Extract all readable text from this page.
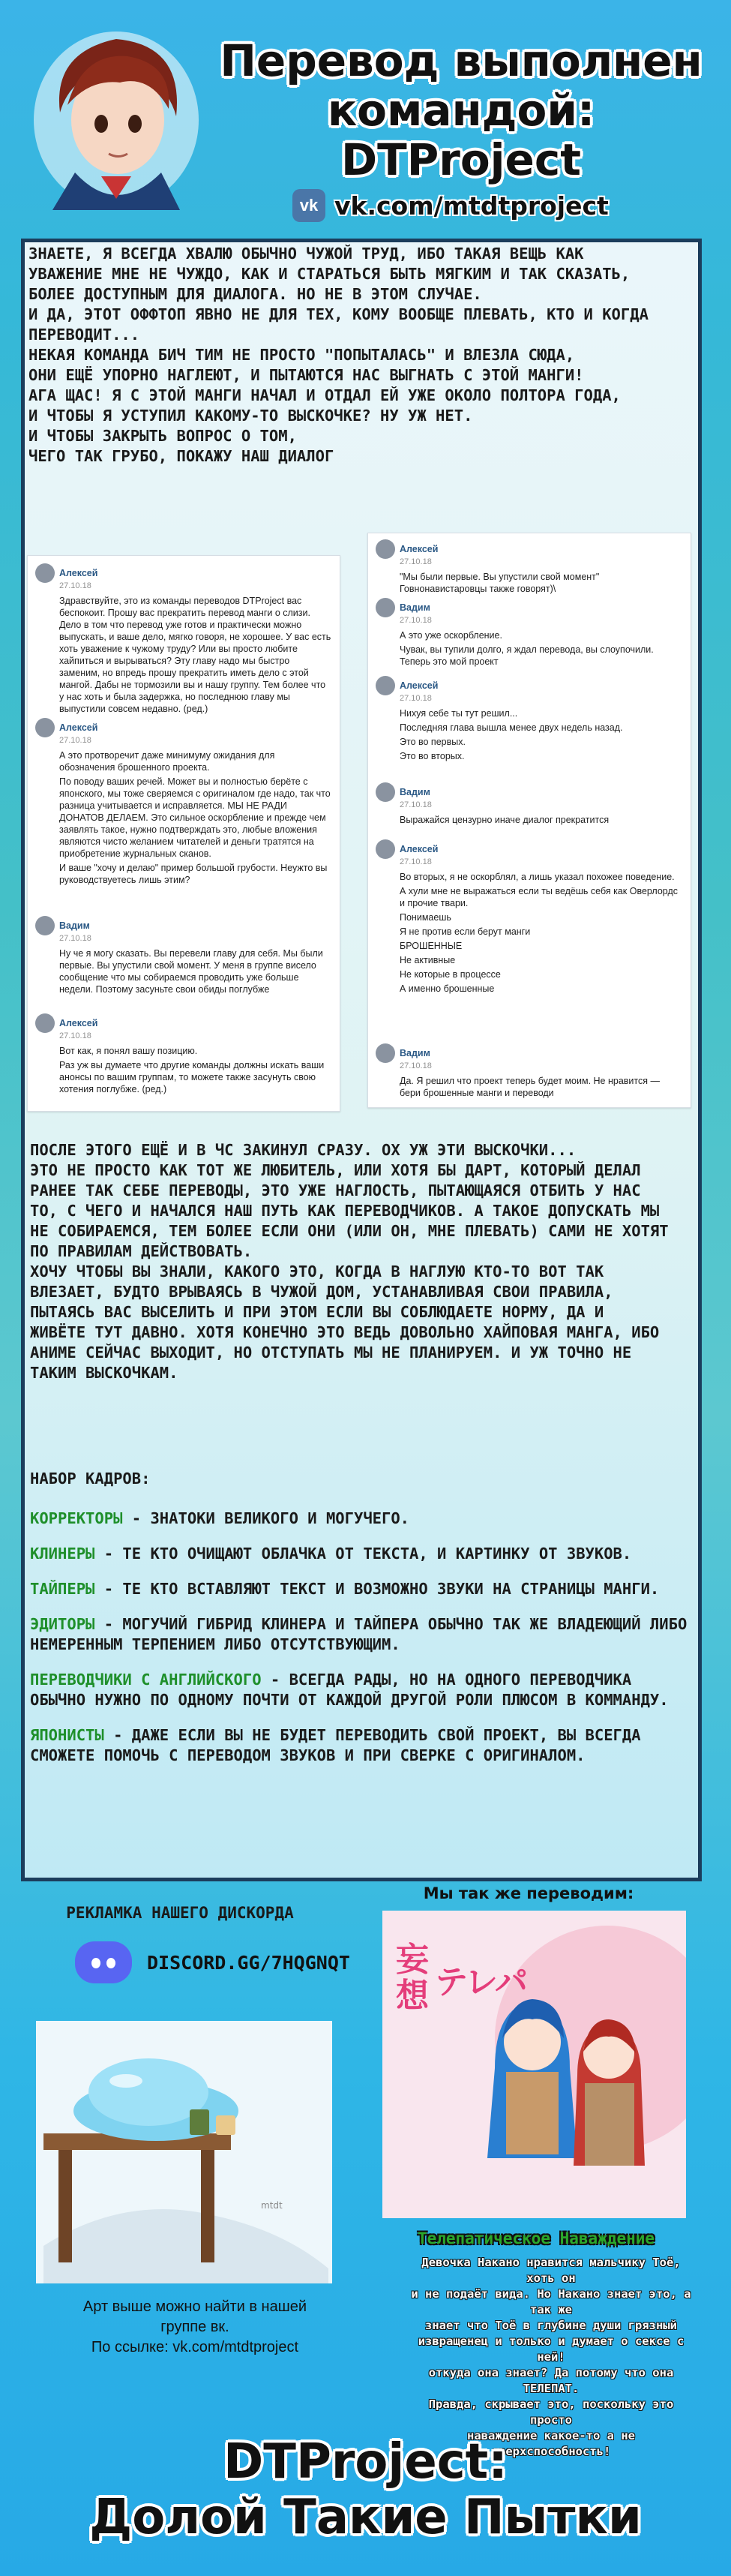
Перевод выполнен
командой:
DTProject
vk vk.com/mtdtproject

ЗНАЕТЕ, Я ВСЕГДА ХВАЛЮ ОБЫЧНО ЧУЖОЙ ТРУД, ИБО ТАКАЯ ВЕЩЬ КАК

УВАЖЕНИЕ МНЕ НЕ ЧУЖДО, КАК И СТАРАТЬСЯ БЫТЬ МЯГКИМ И ТАК СКАЗАТЬ,

БОЛЕЕ ДОСТУПНЫМ ДЛЯ ДИАЛОГА. НО НЕ В ЭТОМ СЛУЧАЕ.

И ДА, ЭТОТ ОФФТОП ЯВНО НЕ ДЛЯ ТЕХ, КОМУ ВООБЩЕ ПЛЕВАТЬ, КТО И КОГДА

ПЕРЕВОДИТ...

НЕКАЯ КОМАНДА БИЧ ТИМ НЕ ПРОСТО "ПОПЫТАЛАСЬ" И ВЛЕЗЛА СЮДА,

ОНИ ЕЩЁ УПОРНО НАГЛЕЮТ, И ПЫТАЮТСЯ НАС ВЫГНАТЬ С ЭТОЙ МАНГИ!

АГА ЩАС! Я С ЭТОЙ МАНГИ НАЧАЛ И ОТДАЛ ЕЙ УЖЕ ОКОЛО ПОЛТОРА ГОДА,

И ЧТОБЫ Я УСТУПИЛ КАКОМУ-ТО ВЫСКОЧКЕ? НУ УЖ НЕТ.

И ЧТОБЫ ЗАКРЫТЬ ВОПРОС О ТОМ,

ЧЕГО ТАК ГРУБО, ПОКАЖУ НАШ ДИАЛОГ

Алексей
27.10.18
Здравствуйте, это из команды переводов DTProject вас беспокоит. Прошу вас прекратить перевод манги о слизи. Дело в том что перевод уже готов и практически можно выпускать, и ваше дело, мягко говоря, не хорошее. У вас есть хоть уважение к чужому труду? Или вы просто любите хайпиться и вырываться? Эту главу надо мы быстро заменим, но впредь прошу прекратить иметь дело с этой мангой. Дабы не тормозили вы и нашу группу. Тем более что у нас хоть и была задержка, но последнюю главу мы выпустили совсем недавно. (ред.)
Алексей
27.10.18
А это протворечит даже минимуму ожидания для обозначения брошенного проекта.
По поводу ваших речей. Может вы и полностью берёте с японского, мы тоже сверяемся с оригиналом где надо, так что разница учитывается и исправляется. МЫ НЕ РАДИ ДОНАТОВ ДЕЛАЕМ. Это сильное оскорбление и прежде чем заявлять такое, нужно подтверждать это, любые вложения являются чисто желанием читателей и деньги тратятся на приобретение журнальных сканов.
И ваше "хочу и делаю" пример большой грубости. Неужто вы руководствуетесь лишь этим?
Вадим
27.10.18
Ну че я могу сказать. Вы перевели главу для себя. Мы были первые. Вы упустили свой момент. У меня в группе висело сообщение что мы собираемся проводить уже больше недели. Поэтому засуньте свои обиды поглубже
Алексей
27.10.18
Вот как, я понял вашу позицию.
Раз уж вы думаете что другие команды должны искать ваши анонсы по вашим группам, то можете также засунуть свою хотения поглубже. (ред.)
Алексей
27.10.18
"Мы были первые. Вы упустили свой момент" Говнонавистаровцы также говорят)\
Вадим
27.10.18
А это уже оскорбление.
Чувак, вы тупили долго, я ждал перевода, вы слоупочили. Теперь это мой проект
Алексей
27.10.18
Нихуя себе ты тут решил...
Последняя глава вышла менее двух недель назад.
Это во первых.
Это во вторых.
Вадим
27.10.18
Выражайся цензурно иначе диалог прекратится
Алексей
27.10.18
Во вторых, я не оскорблял, а лишь указал похожее поведение.
А хули мне не выражаться если ты ведёшь себя как Оверлордс и прочие твари.
Понимаешь
Я не против если берут манги
БРОШЕННЫЕ
Не активные
Не которые в процессе
А именно брошенные
Вадим
27.10.18
Да. Я решил что проект теперь будет моим. Не нравится — бери брошенные манги и переводи

ПОСЛЕ ЭТОГО ЕЩЁ И В ЧС ЗАКИНУЛ СРАЗУ. ОХ УЖ ЭТИ ВЫСКОЧКИ...

ЭТО НЕ ПРОСТО КАК ТОТ ЖЕ ЛЮБИТЕЛЬ, ИЛИ ХОТЯ БЫ ДАРТ, КОТОРЫЙ ДЕЛАЛ

РАНЕЕ ТАК СЕБЕ ПЕРЕВОДЫ, ЭТО УЖЕ НАГЛОСТЬ, ПЫТАЮЩАЯСЯ ОТБИТЬ У НАС

ТО, С ЧЕГО И НАЧАЛСЯ НАШ ПУТЬ КАК ПЕРЕВОДЧИКОВ. А ТАКОЕ ДОПУСКАТЬ МЫ

НЕ СОБИРАЕМСЯ, ТЕМ БОЛЕЕ ЕСЛИ ОНИ (ИЛИ ОН, МНЕ ПЛЕВАТЬ) САМИ НЕ ХОТЯТ

ПО ПРАВИЛАМ ДЕЙСТВОВАТЬ.

ХОЧУ ЧТОБЫ ВЫ ЗНАЛИ, КАКОГО ЭТО, КОГДА В НАГЛУЮ КТО-ТО ВОТ ТАК

ВЛЕЗАЕТ, БУДТО ВРЫВАЯСЬ В ЧУЖОЙ ДОМ, УСТАНАВЛИВАЯ СВОИ ПРАВИЛА,

ПЫТАЯСЬ ВАС ВЫСЕЛИТЬ И ПРИ ЭТОМ ЕСЛИ ВЫ СОБЛЮДАЕТЕ НОРМУ, ДА И

ЖИВЁТЕ ТУТ ДАВНО. ХОТЯ КОНЕЧНО ЭТО ВЕДЬ ДОВОЛЬНО ХАЙПОВАЯ МАНГА, ИБО

АНИМЕ СЕЙЧАС ВЫХОДИТ, НО ОТСТУПАТЬ МЫ НЕ ПЛАНИРУЕМ. И УЖ ТОЧНО НЕ

ТАКИМ ВЫСКОЧКАМ.

НАБОР КАДРОВ:
КОРРЕКТОРЫ - ЗНАТОКИ ВЕЛИКОГО И МОГУЧЕГО.
КЛИНЕРЫ - ТЕ КТО ОЧИЩАЮТ ОБЛАЧКА ОТ ТЕКСТА, И КАРТИНКУ ОТ ЗВУКОВ.
ТАЙПЕРЫ - ТЕ КТО ВСТАВЛЯЮТ ТЕКСТ И ВОЗМОЖНО ЗВУКИ НА СТРАНИЦЫ МАНГИ.
ЭДИТОРЫ - МОГУЧИЙ ГИБРИД КЛИНЕРА И ТАЙПЕРА ОБЫЧНО ТАК ЖЕ ВЛАДЕЮЩИЙ ЛИБО НЕМЕРЕННЫМ ТЕРПЕНИЕМ ЛИБО ОТСУТСТВУЮЩИМ.
ПЕРЕВОДЧИКИ С АНГЛИЙСКОГО - ВСЕГДА РАДЫ, НО НА ОДНОГО ПЕРЕВОДЧИКА ОБЫЧНО НУЖНО ПО ОДНОМУ ПОЧТИ ОТ КАЖДОЙ ДРУГОЙ РОЛИ ПЛЮСОМ В КОММАНДУ.
ЯПОНИСТЫ - ДАЖЕ ЕСЛИ ВЫ НЕ БУДЕТ ПЕРЕВОДИТЬ СВОЙ ПРОЕКТ, ВЫ ВСЕГДА СМОЖЕТЕ ПОМОЧЬ С ПЕРЕВОДОМ ЗВУКОВ И ПРИ СВЕРКЕ С ОРИГИНАЛОМ.
РЕКЛАМКА НАШЕГО ДИСКОРДА
DISCORD.GG/7HQGNQT
mtdt
Арт выше можно найти в нашей группе вк.
По ссылке: vk.com/mtdtproject
Мы так же переводим:
妄
想 テ
レ
パ
Телепатическое Наваждение
Девочка Накано нравится мальчику Тоё, хоть он
и не подаёт вида. Но Накано знает это, а так же
знает что Тоё в глубине души грязный
извращенец и только и думает о сексе с ней!
откуда она знает? Да потому что она ТЕЛЕПАТ.
Правда, скрывает это, поскольку это просто
наваждение какое-то а не сверхспособность!
DTProject:
Долой Такие Пытки
